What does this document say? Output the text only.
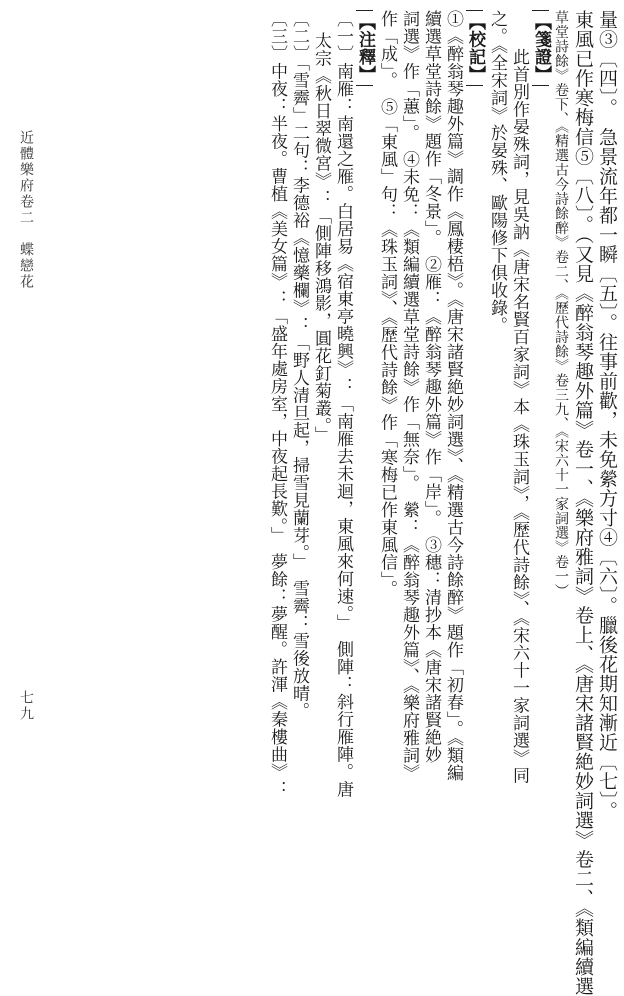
量③〔四〕。　急景流年都一瞬〔五〕。往事前歡，未免縈方寸④〔六〕。臘後花期知漸近〔七〕。
東風已作寒梅信⑤〔八〕。（又見《醉翁琴趣外篇》卷一、《樂府雅詞》卷上、《唐宋諸賢絶妙詞選》卷二、《類編續選
草堂詩餘》卷下、《精選古今詩餘醉》卷二、《歷代詩餘》卷三九、《宋六十一家詞選》卷一）
【箋證】
此首別作晏殊詞，見吳訥《唐宋名賢百家詞》本《珠玉詞》，《歷代詩餘》、《宋六十一家詞選》同
之。《全宋詞》於晏殊、歐陽修下俱收錄。
【校記】
①《醉翁琴趣外篇》調作《鳳棲梧》。《唐宋諸賢絶妙詞選》、《精選古今詩餘醉》題作「初春」。《類編
續選草堂詩餘》題作「冬景」。　②雁：《醉翁琴趣外篇》作「岸」。　③穗：清抄本《唐宋諸賢絶妙
詞選》作「蕙」。　④未免：《類編續選草堂詩餘》作「無奈」。　縈：《醉翁琴趣外篇》、《樂府雅詞》
作「成」。　⑤「東風」句：《珠玉詞》、《歷代詩餘》作「寒梅已作東風信」。
【注釋】
〔一〕南雁：南還之雁。白居易《宿東亭曉興》：「南雁去未迴，東風來何速。」　側陣：斜行雁陣。唐
太宗《秋日翠微宮》：「側陣移鴻影，圓花釘菊叢。」
〔二〕「雪霽」二句：李德裕《憶藥欄》：「野人清旦起，掃雪見蘭芽。」　雪霽：雪後放晴。
〔三〕中夜：半夜。曹植《美女篇》：「盛年處房室，中夜起長歎。」　夢餘：夢醒。許渾《秦樓曲》：
近體樂府卷二　蝶戀花
七九
